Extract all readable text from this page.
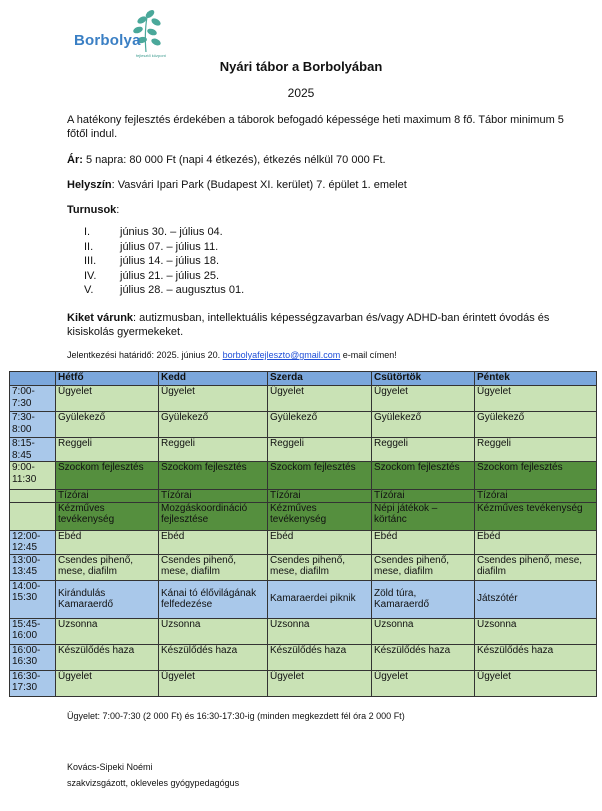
Borbolya
fejlesztő központ
Nyári tábor a Borbolyában
2025
A hatékony fejlesztés érdekében a táborok befogadó képessége heti maximum 8 fő. Tábor minimum 5 főtől indul.
Ár: 5 napra: 80 000 Ft (napi 4 étkezés), étkezés nélkül 70 000 Ft.
Helyszín: Vasvári Ipari Park (Budapest XI. kerület) 7. épület 1. emelet
Turnusok:
I.	június 30. – július 04.
II.	július 07. – július 11.
III.	július 14. – július 18.
IV.	július 21. – július 25.
V.	július 28. – augusztus 01.
Kiket várunk: autizmusban, intellektuális képességzavarban és/vagy ADHD-ban érintett óvodás és kisiskolás gyermekeket.
Jelentkezési határidő: 2025. június 20. borbolyafejleszto@gmail.com e-mail címen!
	Hétfő	Kedd	Szerda	Csütörtök	Péntek
7:00-7:30	Ügyelet	Ügyelet	Ügyelet	Ügyelet	Ügyelet
7:30-8:00	Gyülekező	Gyülekező	Gyülekező	Gyülekező	Gyülekező
8:15-8:45	Reggeli	Reggeli	Reggeli	Reggeli	Reggeli
9:00-11:30	Szockom fejlesztés	Szockom fejlesztés	Szockom fejlesztés	Szockom fejlesztés	Szockom fejlesztés
	Tízórai	Tízórai	Tízórai	Tízórai	Tízórai
	Kézműves tevékenység	Mozgáskoordináció fejlesztése	Kézműves tevékenység	Népi játékok – körtánc	Kézműves tevékenység
12:00-12:45	Ebéd	Ebéd	Ebéd	Ebéd	Ebéd
13:00-13:45	Csendes pihenő, mese, diafilm	Csendes pihenő, mese, diafilm	Csendes pihenő, mese, diafilm	Csendes pihenő, mese, diafilm	Csendes pihenő, mese, diafilm
14:00-15:30	Kirándulás Kamaraerdő	Kánai tó élővilágának felfedezése	Kamaraerdei piknik	Zöld túra, Kamaraerdő	Játszótér
15:45-16:00	Uzsonna	Uzsonna	Uzsonna	Uzsonna	Uzsonna
16:00-16:30	Készülődés haza	Készülődés haza	Készülődés haza	Készülődés haza	Készülődés haza
16:30-17:30	Ügyelet	Ügyelet	Ügyelet	Ügyelet	Ügyelet
Ügyelet: 7:00-7:30 (2 000 Ft) és 16:30-17:30-ig (minden megkezdett fél óra 2 000 Ft)
Kovács-Sipeki Noémi
szakvizsgázott, okleveles gyógypedagógus
